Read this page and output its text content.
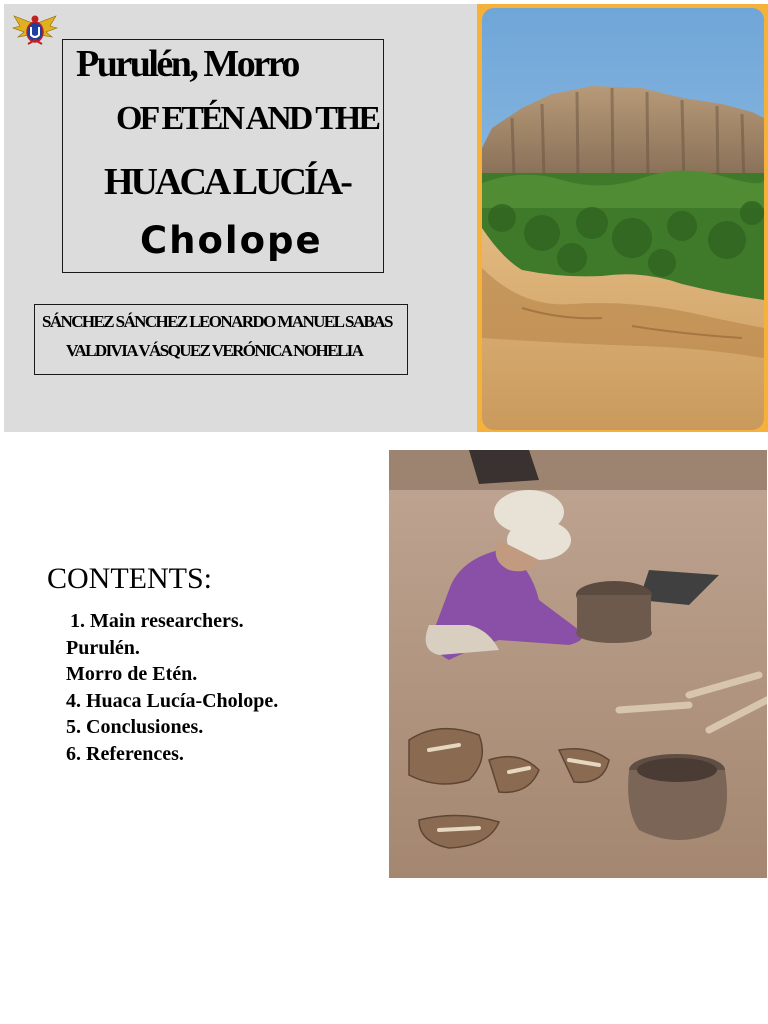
Purulén, Morro
OF ETÉN AND THE
HUACA LUCÍA-
Cholope
SÁNCHEZ SÁNCHEZ LEONARDO MANUEL SABAS
VALDIVIA VÁSQUEZ VERÓNICA NOHELIA
CONTENTS:
1. Main researchers.
Purulén.
Morro de Etén.
4. Huaca Lucía-Cholope.
5. Conclusiones.
6. References.
